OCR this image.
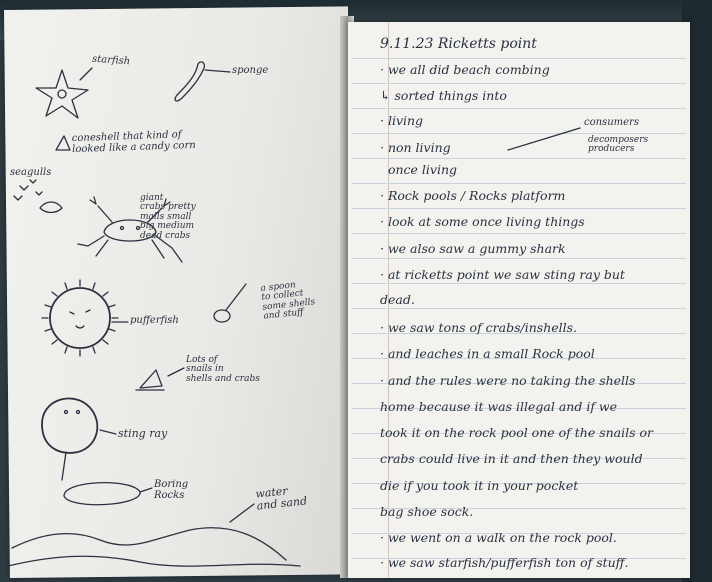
starfish
sponge
coneshell that kind of
looked like a candy corn
seagulls
giant
crabs pretty
malls small
big medium
dead crabs
pufferfish
a spoon
to collect
some shells
and stuff
Lots of
snails in
shells and crabs
sting ray
Boring
Rocks	water
and sand
9.11.23 Ricketts point
· we all did beach combing
↳ sorted things into
· living
· non living
once living
· Rock pools / Rocks platform
· look at some once living things
· we also saw a gummy shark
· at ricketts point we saw sting ray but
dead.
· we saw tons of crabs/inshells.
· and leaches in a small Rock pool
· and the rules were no taking the shells
home because it was illegal and if we
took it on the rock pool one of the snails or
crabs could live in it and then they would
die if you took it in your pocket
bag shoe sock.
· we went on a walk on the rock pool.
· we saw starfish/pufferfish ton of stuff.
consumers
decomposers
producers
